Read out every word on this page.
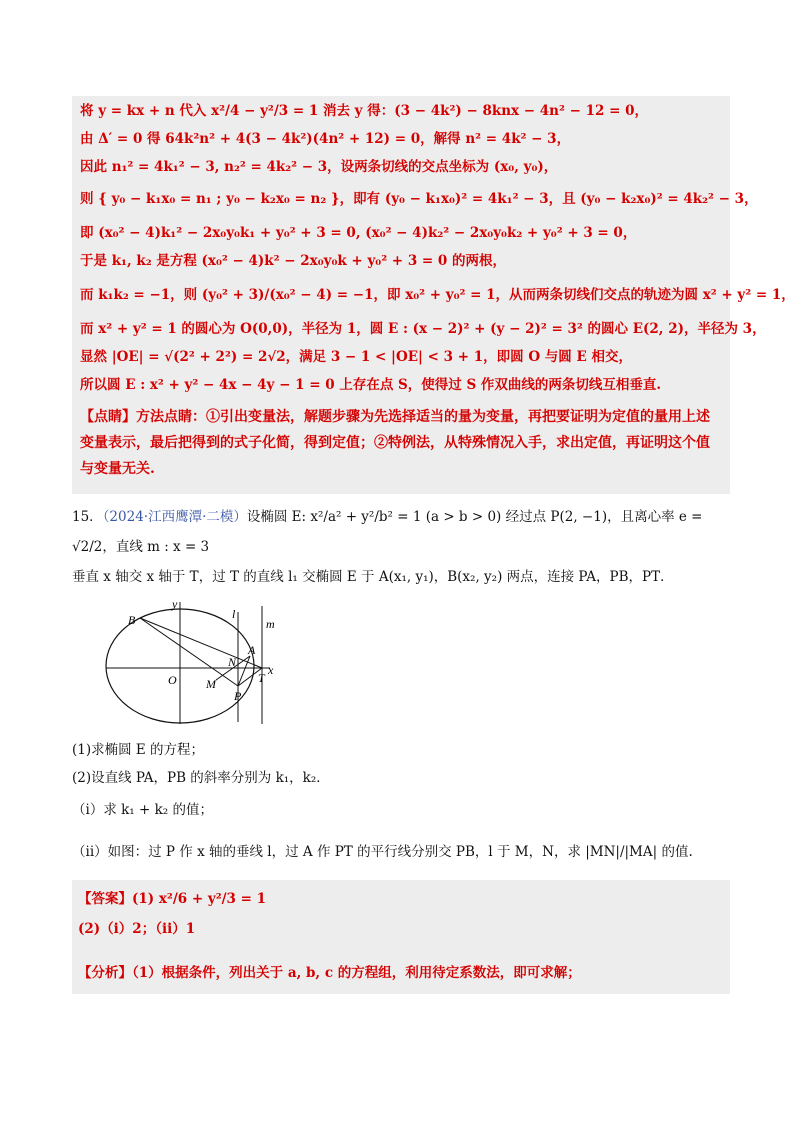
将 y = kx + n 代入 x²/4 − y²/3 = 1 消去 y 得：(3 − 4k²) − 8knx − 4n² − 12 = 0，
由 Δ′ = 0 得 64k²n² + 4(3 − 4k²)(4n² + 12) = 0，解得 n² = 4k² − 3，
因此 n₁² = 4k₁² − 3, n₂² = 4k₂² − 3，设两条切线的交点坐标为 (x₀, y₀)，
则 { y₀ − k₁x₀ = n₁ ; y₀ − k₂x₀ = n₂ }，即有 (y₀ − k₁x₀)² = 4k₁² − 3，且 (y₀ − k₂x₀)² = 4k₂² − 3，
即 (x₀² − 4)k₁² − 2x₀y₀k₁ + y₀² + 3 = 0, (x₀² − 4)k₂² − 2x₀y₀k₂ + y₀² + 3 = 0，
于是 k₁, k₂ 是方程 (x₀² − 4)k² − 2x₀y₀k + y₀² + 3 = 0 的两根，
而 k₁k₂ = −1，则 (y₀² + 3)/(x₀² − 4) = −1，即 x₀² + y₀² = 1，从而两条切线们交点的轨迹为圆 x² + y² = 1，
而 x² + y² = 1 的圆心为 O(0,0)，半径为 1，圆 E : (x − 2)² + (y − 2)² = 3² 的圆心 E(2, 2)，半径为 3，
显然 |OE| = √(2² + 2²) = 2√2，满足 3 − 1 < |OE| < 3 + 1，即圆 O 与圆 E 相交，
所以圆 E : x² + y² − 4x − 4y − 1 = 0 上存在点 S，使得过 S 作双曲线的两条切线互相垂直.
【点睛】方法点睛：①引出变量法，解题步骤为先选择适当的量为变量，再把要证明为定值的量用上述变量表示，最后把得到的式子化简，得到定值；②特例法，从特殊情况入手，求出定值，再证明这个值与变量无关.
15．（2024·江西鹰潭·二模）设椭圆 E: x²/a² + y²/b² = 1 (a > b > 0) 经过点 P(2, −1)，且离心率 e = √2/2，直线 m : x = 3
垂直 x 轴交 x 轴于 T，过 T 的直线 l₁ 交椭圆 E 于 A(x₁, y₁)，B(x₂, y₂) 两点，连接 PA，PB，PT．
y
x
l
m
B
A
N
O M	T
P
(1)求椭圆 E 的方程；
(2)设直线 PA，PB 的斜率分别为 k₁，k₂．
（i）求 k₁ + k₂ 的值；
（ii）如图：过 P 作 x 轴的垂线 l，过 A 作 PT 的平行线分别交 PB，l 于 M，N，求 |MN|/|MA| 的值.
【答案】(1) x²/6 + y²/3 = 1
(2)（i）2；（ii）1
【分析】（1）根据条件，列出关于 a, b, c 的方程组，利用待定系数法，即可求解；
